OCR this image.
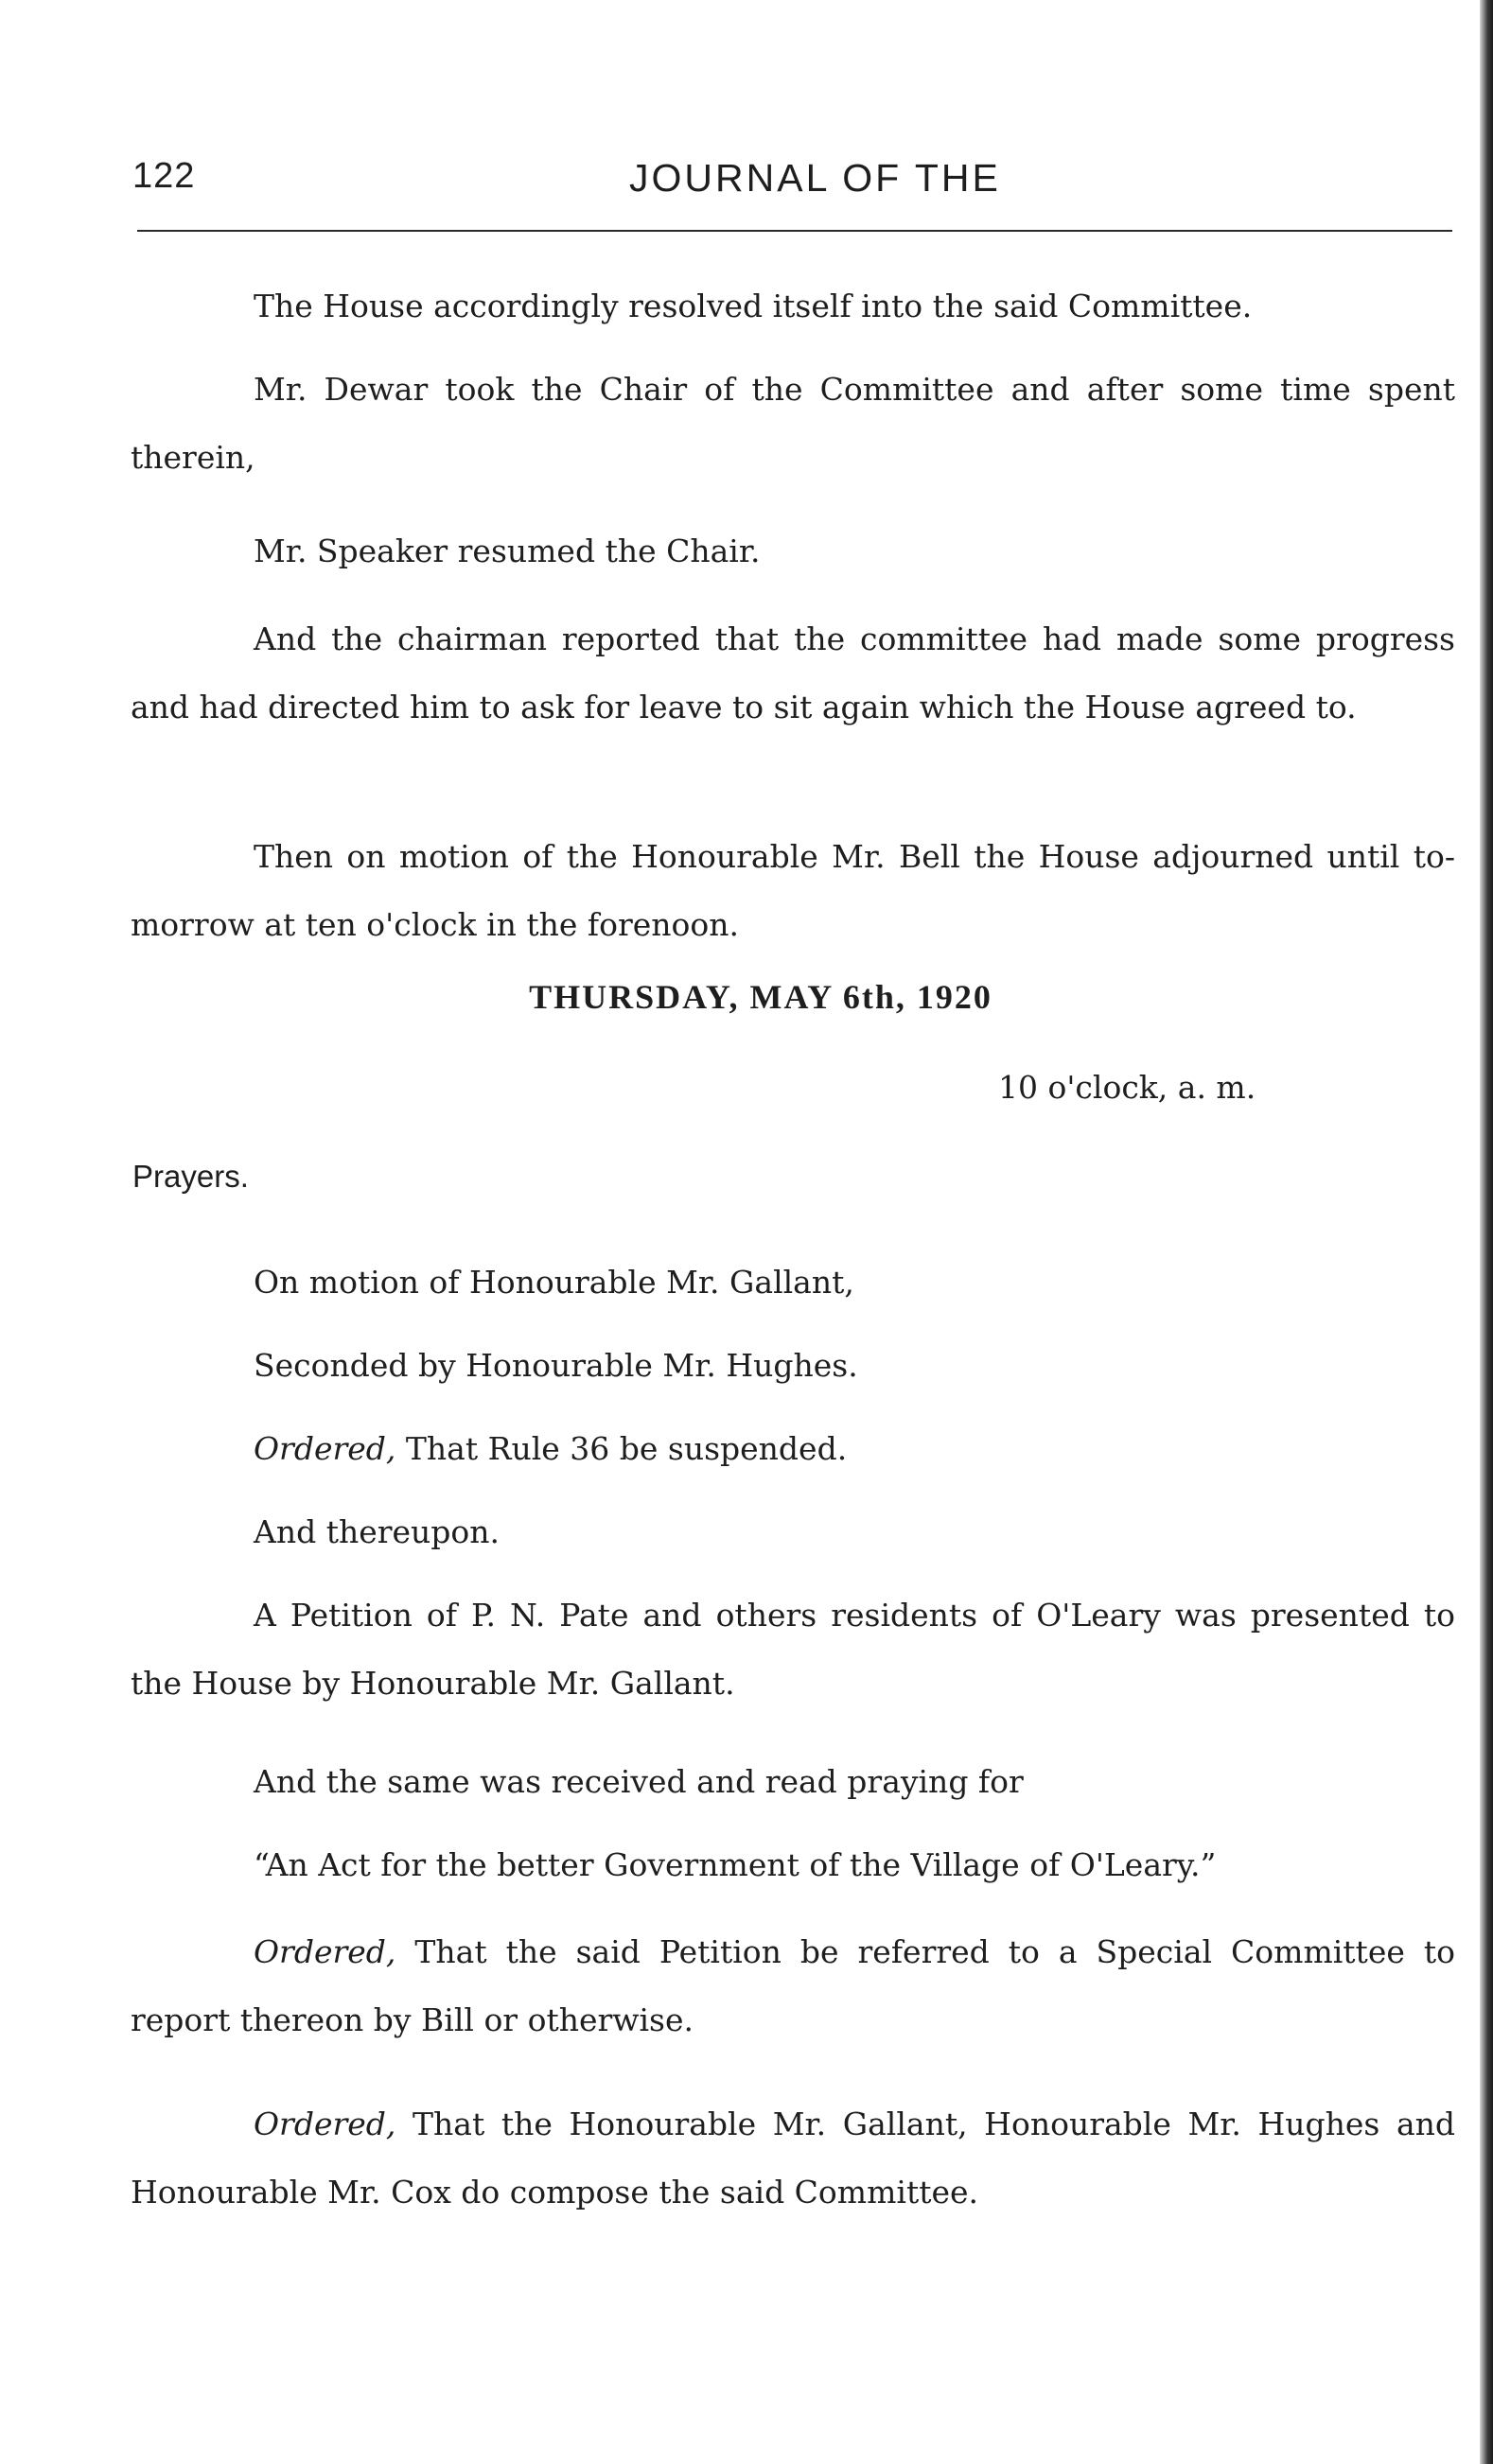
122	JOURNAL OF THE

The House accordingly resolved itself into the said Committee.

Mr. Dewar took the Chair of the Committee and after some time spent therein,

Mr. Speaker resumed the Chair.

And the chairman reported that the committee had made some progress and had directed him to ask for leave to sit again which the House agreed to.

Then on motion of the Honourable Mr. Bell the House adjourned until to-morrow at ten o'clock in the forenoon.

THURSDAY, MAY 6th, 1920
10 o'clock, a. m.
Prayers.

On motion of Honourable Mr. Gallant,

Seconded by Honourable Mr. Hughes.

Ordered, That Rule 36 be suspended.

And thereupon.

A Petition of P. N. Pate and others residents of O'Leary was presented to the House by Honourable Mr. Gallant.

And the same was received and read praying for

“An Act for the better Government of the Village of O'Leary.”

Ordered, That the said Petition be referred to a Special Committee to report thereon by Bill or otherwise.

Ordered, That the Honourable Mr. Gallant, Honourable Mr. Hughes and Honourable Mr. Cox do compose the said Committee.
